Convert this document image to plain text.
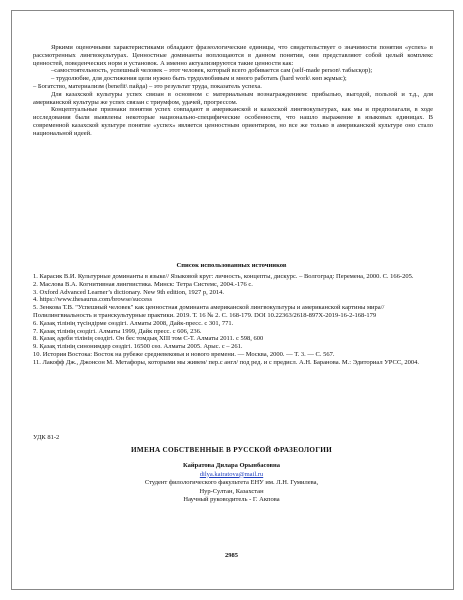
Яркими оценочными характеристиками обладают фразеологические единицы, что свидетельствует о значимости понятия «успех» в рассмотренных лингвокультурах. Ценностные доминанты воплощаются в данном понятии, они представляют собой целый комплекс ценностей, поведенческих норм и установок. А именно актуализируются такие ценности как:

–самостоятельность, успешный человек – этот человек, который всего добивается сам (self-made person\ табысқор);

– трудолюбие, для достижения цели нужно быть трудолюбивым и много работать (hard work\ көп жұмыс);

– Богатство, материализм (benefit\ пайда) – это результат труда, показатель успеха.

Для казахской культуры успех связан в основном с материальным вознаграждением: прибылью, выгодой, пользой и т.д., для американской культуры же успех связан с триумфом, удачей, прогрессом.

Концептуальные признаки понятия успех совпадают в американской и казахской лингвокультурах, как мы и предполагали, в ходе исследования были выявлены некоторые национально-специфические особенности, что нашло выражение в языковых единицах. В современной казахской культуре понятие «успех» является ценностным ориентиром, но все же только в американской культуре оно стало национальной идеей.

Список использованных источников

1. Карасик В.И. Культурные доминанты в языке// Языковой круг: личность, концепты, дискурс. – Волгоград: Перемена, 2000. С. 166-205.

2. Маслова В.А. Когнитивная лингвистика. Минск: Тетра Системс, 2004.-176 с.

3. Oxford Advanced Learner’s dictionary. New 9th edition, 1927 p, 2014.

4. https://www.thesaurus.com/browse/success

5. Зенкова Т.В. "Успешный человек" как ценностная доминанта американской лингвокультуры и американской картины мира// Полилингвиальность и транскультурные практики. 2019. Т. 16 № 2. С. 168-179. DOI 10.22363/2618-897Х-2019-16-2-168-179

6. Қазақ тілінің түсіндірме сөздігі. Алматы 2008, Дайк-пресс. с 301, 771.

7. Қазақ тілінің сөздігі. Алматы 1999, Дайк пресс. с 606, 236.

8. Қазақ әдеби тілінің сөздігі. Он бес томдық ХІІІ том С-Т. Алматы 2011. с 598, 600

9. Қазақ тілінің синонимдер сөздігі. 16500 сөз. Алматы 2005. Арыс. с – 261.

10. История Востока: Восток на рубеже средневековья и нового времени. — Москва, 2000. — Т. 3. — С. 567.

11. Лакофф Дж., Джонсон М. Метафоры, которыми мы живем/ пер.с англ/ под ред. и с предисл. А.Н. Баранова. М.: Эдиториал УРСС, 2004.

УДК 81-2
ИМЕНА СОБСТВЕННЫЕ В РУССКОЙ ФРАЗЕОЛОГИИ
Кайратова Дилара Орынбасовна
dilya.kairatova@mail.ru
Студент филологического факультета ЕНУ им. Л.Н. Гумилева,
Нур-Султан, Казахстан
Научный руководитель - Г. Акпова
2985
